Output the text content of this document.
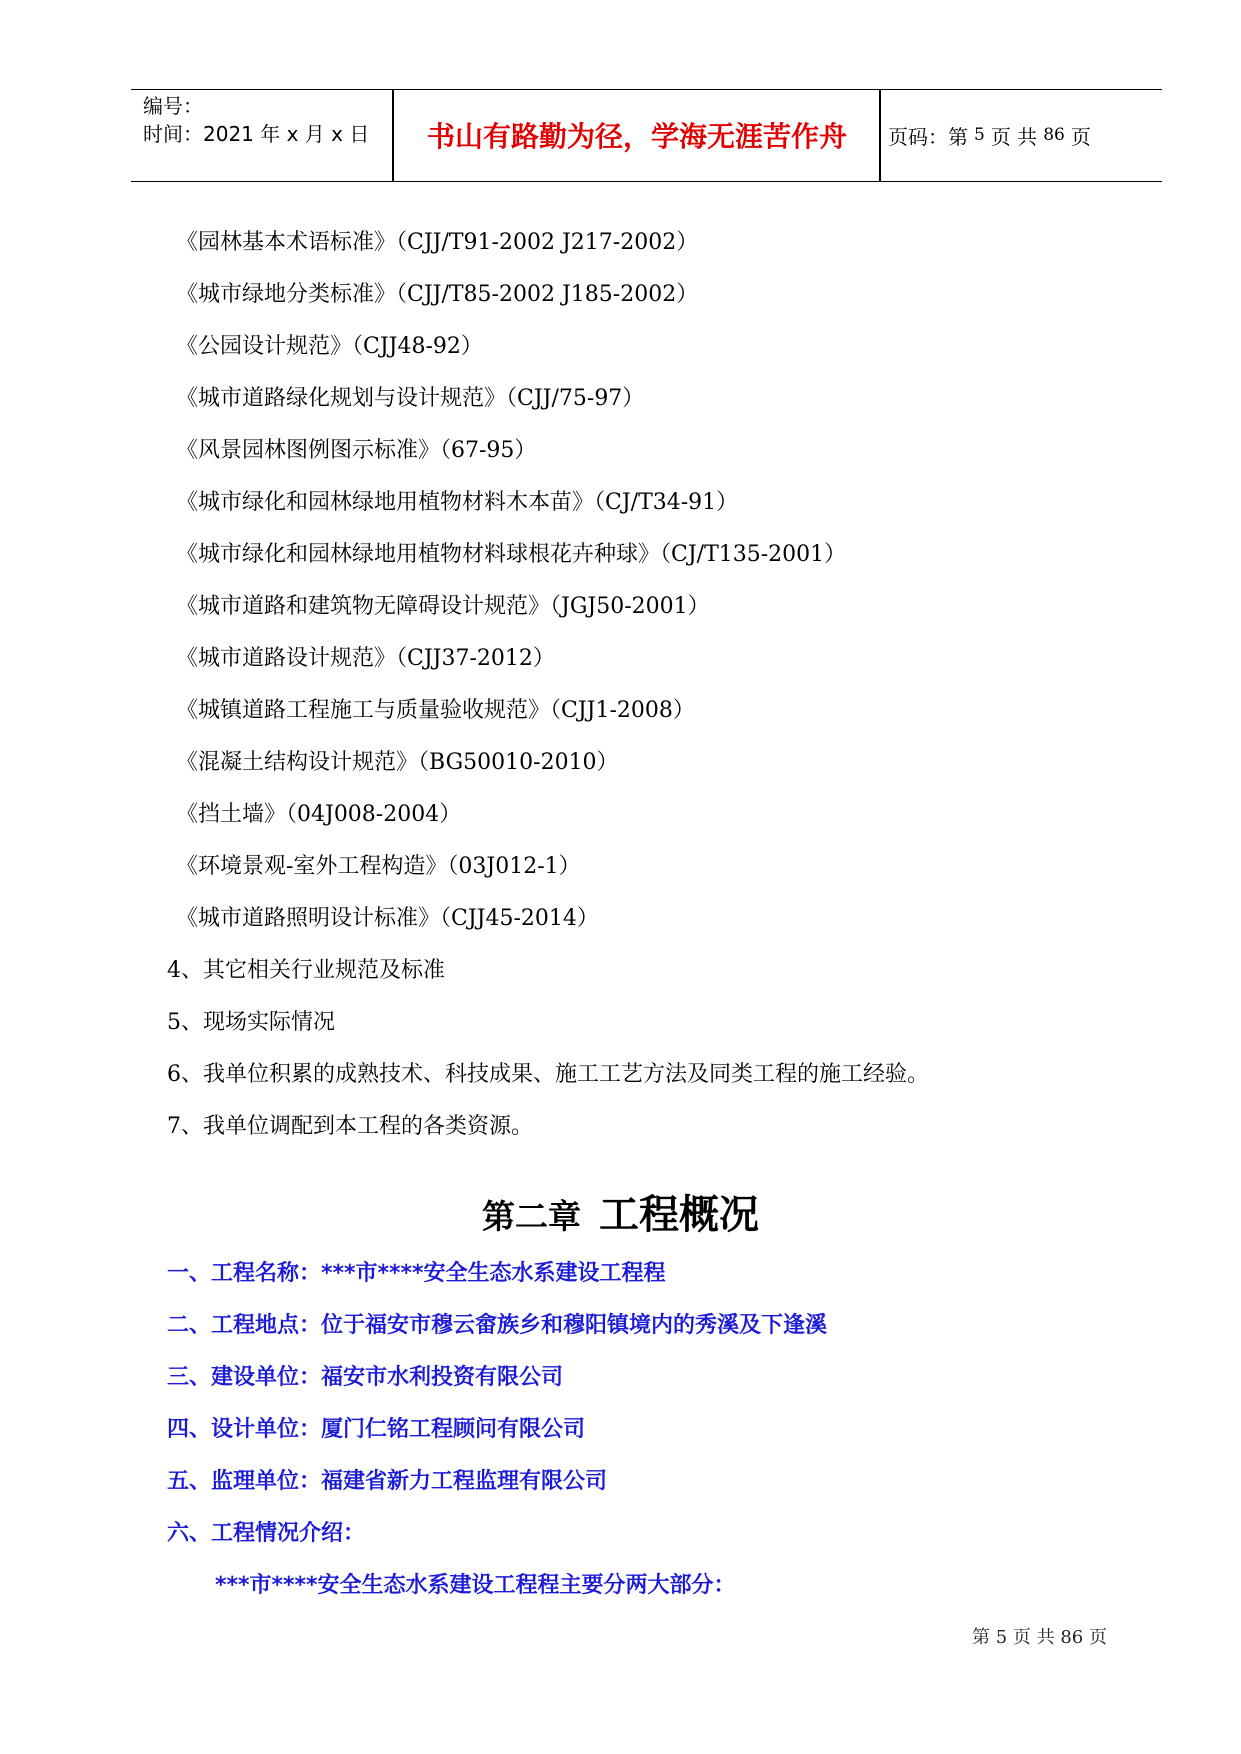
编号：
时间：2021 年 x 月 x 日	书山有路勤为径，学海无涯苦作舟	页码：第 5 页 共 86 页
《园林基本术语标准》（CJJ/T91-2002 J217-2002）
《城市绿地分类标准》（CJJ/T85-2002 J185-2002）
《公园设计规范》（CJJ48-92）
《城市道路绿化规划与设计规范》（CJJ/75-97）
《风景园林图例图示标准》（67-95）
《城市绿化和园林绿地用植物材料木本苗》（CJ/T34-91）
《城市绿化和园林绿地用植物材料球根花卉种球》（CJ/T135-2001）
《城市道路和建筑物无障碍设计规范》（JGJ50-2001）
《城市道路设计规范》（CJJ37-2012）
《城镇道路工程施工与质量验收规范》（CJJ1-2008）
《混凝土结构设计规范》（BG50010-2010）
《挡土墙》（04J008-2004）
《环境景观-室外工程构造》（03J012-1）
《城市道路照明设计标准》（CJJ45-2014）
4、其它相关行业规范及标准
5、现场实际情况
6、我单位积累的成熟技术、科技成果、施工工艺方法及同类工程的施工经验。
7、我单位调配到本工程的各类资源。
第二章 工程概况
一、工程名称：***市****安全生态水系建设工程程
二、工程地点：位于福安市穆云畲族乡和穆阳镇境内的秀溪及下逢溪
三、建设单位：福安市水利投资有限公司
四、设计单位：厦门仁铭工程顾问有限公司
五、监理单位：福建省新力工程监理有限公司
六、工程情况介绍：
***市****安全生态水系建设工程程主要分两大部分：
第 5 页 共 86 页
